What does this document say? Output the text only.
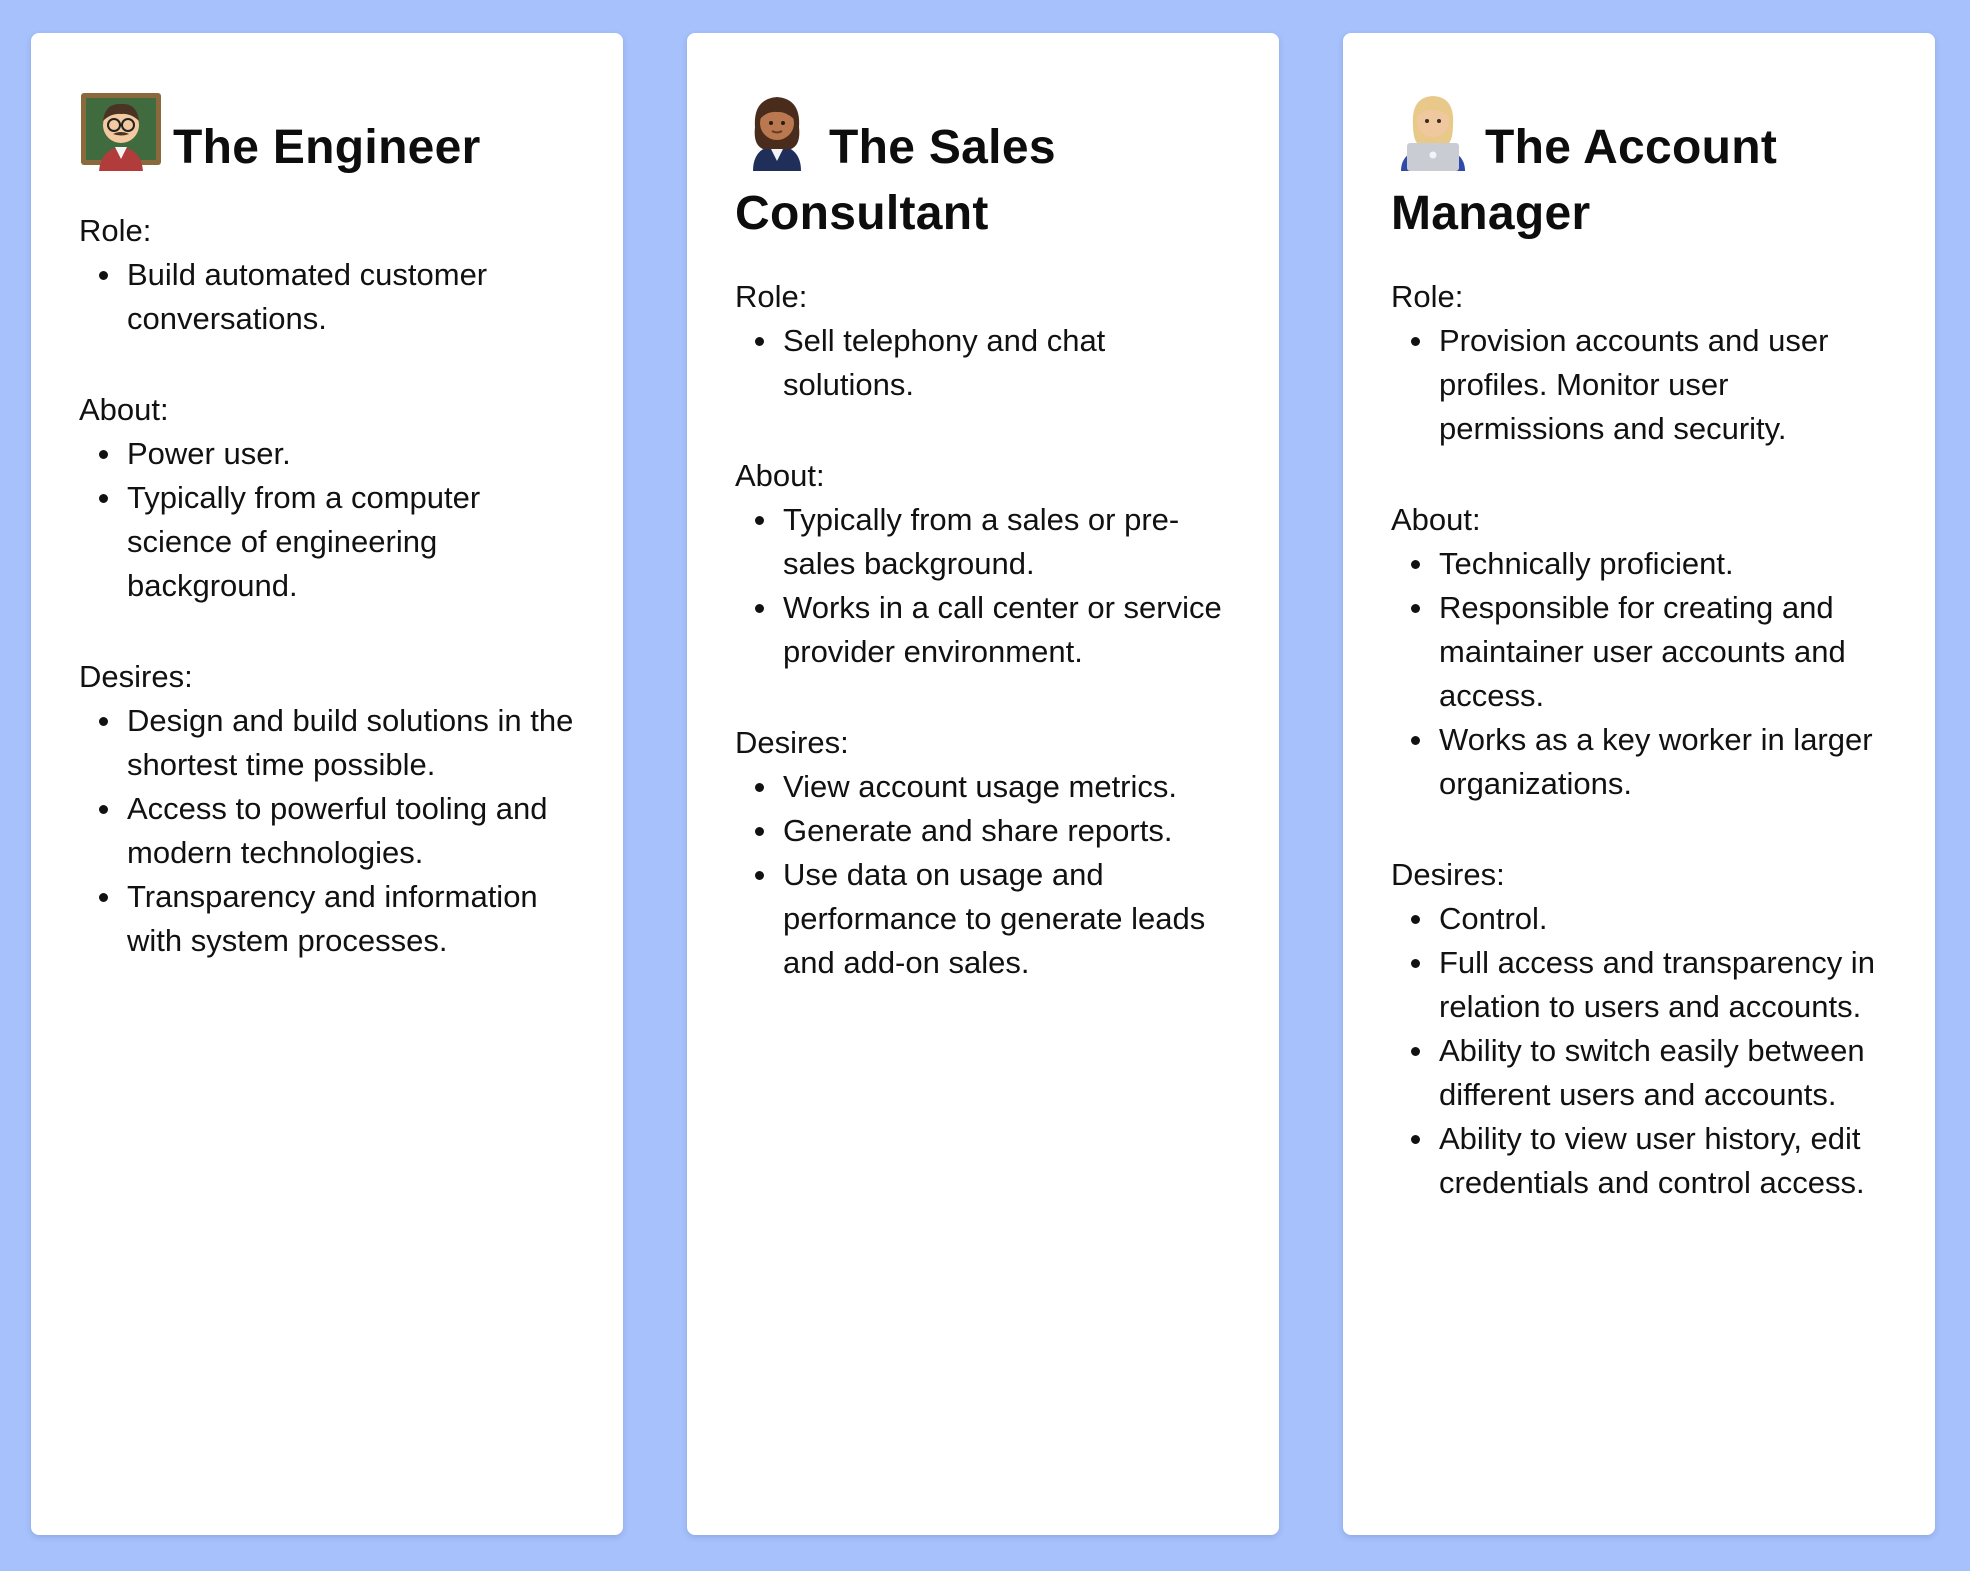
The Engineer

Role:

Build automated customer conversations.

About:

Power user.
Typically from a computer science of engineering background.

Desires:

Design and build solutions in the shortest time possible.
Access to powerful tooling and modern technologies.
Transparency and information with system processes.
The Sales Consultant

Role:

Sell telephony and chat solutions.

About:

Typically from a sales or pre-sales background.
Works in a call center or service provider environment.

Desires:

View account usage metrics.
Generate and share reports.
Use data on usage and performance to generate leads and add-on sales.
The Account Manager

Role:

Provision accounts and user profiles. Monitor user permissions and security.

About:

Technically proficient.
Responsible for creating and maintainer user accounts and access.
Works as a key worker in larger organizations.

Desires:

Control.
Full access and transparency in relation to users and accounts.
Ability to switch easily between different users and accounts.
Ability to view user history, edit credentials and control access.
